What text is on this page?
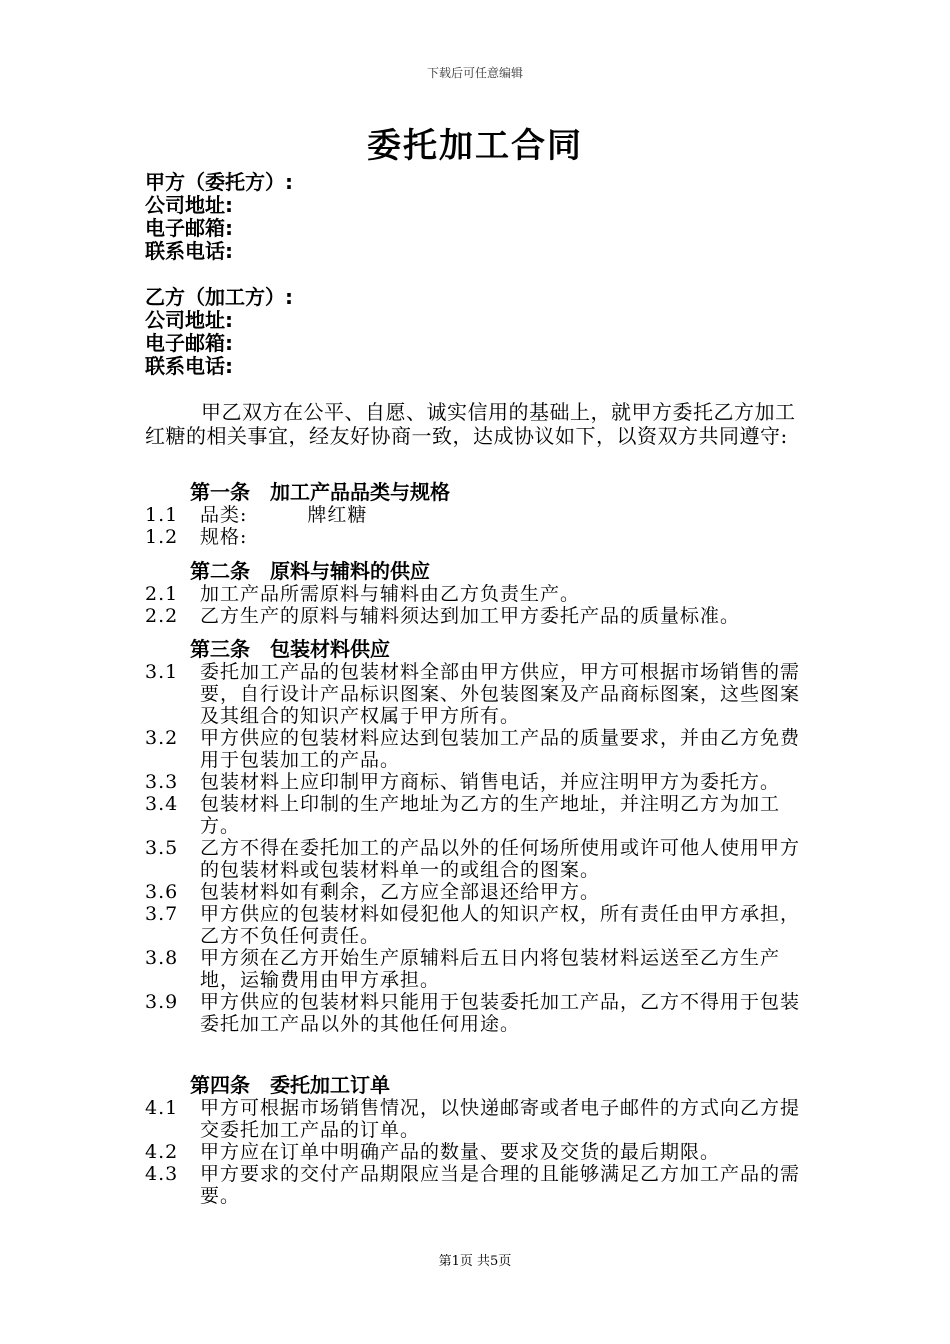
下载后可任意编辑
委托加工合同
甲方（委托方）:
公司地址:
电子邮箱:
联系电话:
乙方（加工方）:
公司地址:
电子邮箱:
联系电话:
甲乙双方在公平、自愿、诚实信用的基础上，就甲方委托乙方加工红糖的相关事宜，经友好协商一致，达成协议如下，以资双方共同遵守:
第一条　加工产品品类与规格
1.1	品类:　　　牌红糖
1.2	规格:
第二条　原料与辅料的供应
2.1	加工产品所需原料与辅料由乙方负责生产。
2.2	乙方生产的原料与辅料须达到加工甲方委托产品的质量标准。
第三条　包装材料供应
3.1	委托加工产品的包装材料全部由甲方供应，甲方可根据市场销售的需要，自行设计产品标识图案、外包装图案及产品商标图案，这些图案及其组合的知识产权属于甲方所有。
3.2	甲方供应的包装材料应达到包装加工产品的质量要求，并由乙方免费用于包装加工的产品。
3.3	包装材料上应印制甲方商标、销售电话，并应注明甲方为委托方。
3.4	包装材料上印制的生产地址为乙方的生产地址，并注明乙方为加工方。
3.5	乙方不得在委托加工的产品以外的任何场所使用或许可他人使用甲方的包装材料或包装材料单一的或组合的图案。
3.6	包装材料如有剩余，乙方应全部退还给甲方。
3.7	甲方供应的包装材料如侵犯他人的知识产权，所有责任由甲方承担，乙方不负任何责任。
3.8	甲方须在乙方开始生产原辅料后五日内将包装材料运送至乙方生产地，运输费用由甲方承担。
3.9	甲方供应的包装材料只能用于包装委托加工产品，乙方不得用于包装委托加工产品以外的其他任何用途。
第四条　委托加工订单
4.1	甲方可根据市场销售情况，以快递邮寄或者电子邮件的方式向乙方提交委托加工产品的订单。
4.2	甲方应在订单中明确产品的数量、要求及交货的最后期限。
4.3	甲方要求的交付产品期限应当是合理的且能够满足乙方加工产品的需要。
第1页 共5页
